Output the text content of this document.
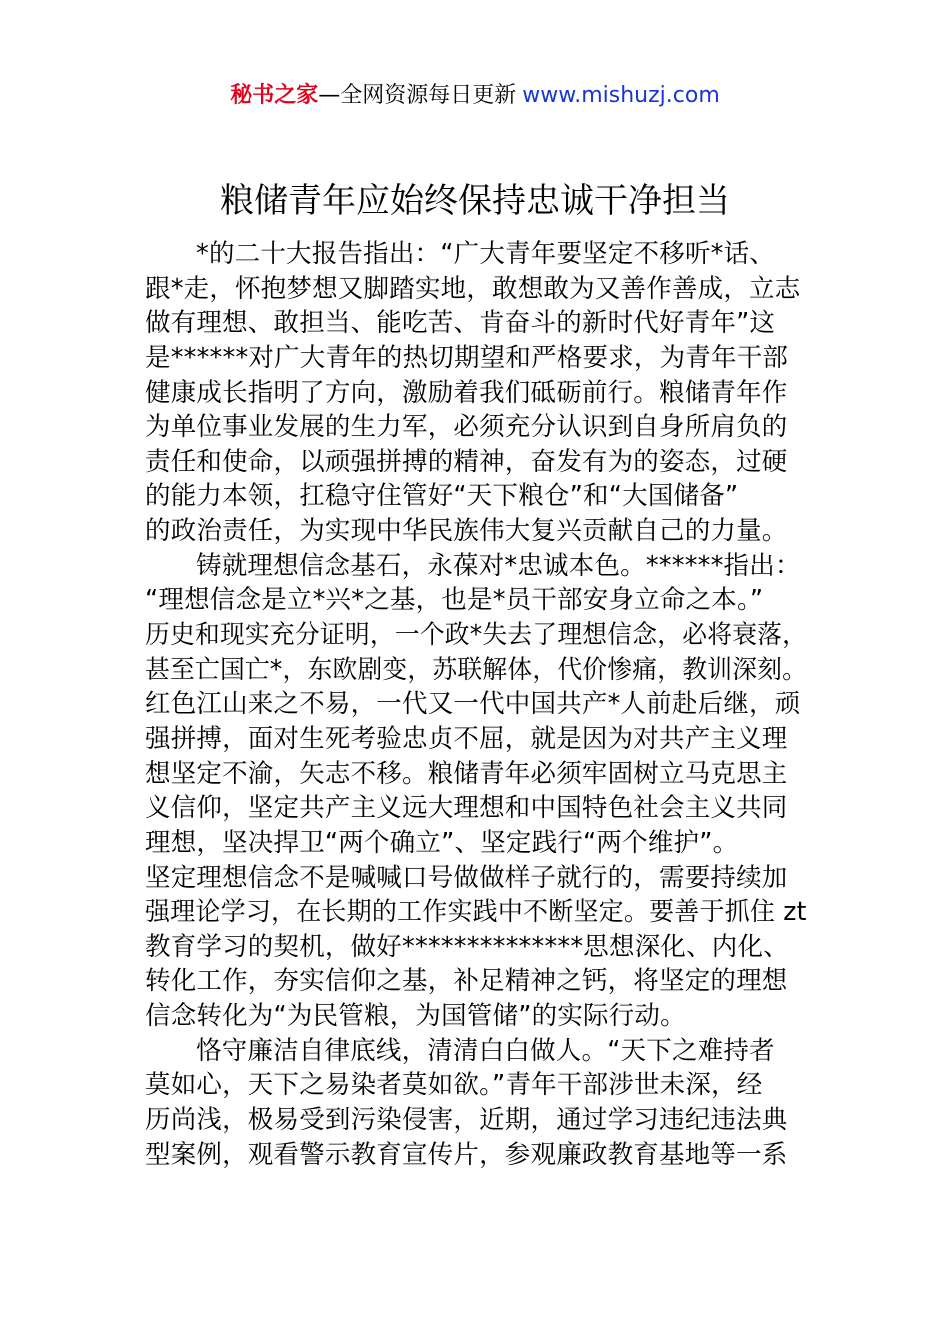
秘书之家—全网资源每日更新 www.mishuzj.com
粮储青年应始终保持忠诚干净担当
*的二十大报告指出：“广大青年要坚定不移听*话、
跟*走，怀抱梦想又脚踏实地，敢想敢为又善作善成，立志
做有理想、敢担当、能吃苦、肯奋斗的新时代好青年”这
是******对广大青年的热切期望和严格要求，为青年干部
健康成长指明了方向，激励着我们砥砺前行。粮储青年作
为单位事业发展的生力军，必须充分认识到自身所肩负的
责任和使命，以顽强拼搏的精神，奋发有为的姿态，过硬
的能力本领，扛稳守住管好“天下粮仓”和“大国储备”
的政治责任，为实现中华民族伟大复兴贡献自己的力量。
铸就理想信念基石，永葆对*忠诚本色。******指出：
“理想信念是立*兴*之基，也是*员干部安身立命之本。”
历史和现实充分证明，一个政*失去了理想信念，必将衰落，
甚至亡国亡*，东欧剧变，苏联解体，代价惨痛，教训深刻。
红色江山来之不易，一代又一代中国共产*人前赴后继，顽
强拼搏，面对生死考验忠贞不屈，就是因为对共产主义理
想坚定不渝，矢志不移。粮储青年必须牢固树立马克思主
义信仰，坚定共产主义远大理想和中国特色社会主义共同
理想，坚决捍卫“两个确立”、坚定践行“两个维护”。
坚定理想信念不是喊喊口号做做样子就行的，需要持续加
强理论学习，在长期的工作实践中不断坚定。要善于抓住 zt
教育学习的契机，做好**************思想深化、内化、
转化工作，夯实信仰之基，补足精神之钙，将坚定的理想
信念转化为“为民管粮，为国管储”的实际行动。
恪守廉洁自律底线，清清白白做人。“天下之难持者
莫如心，天下之易染者莫如欲。”青年干部涉世未深，经
历尚浅，极易受到污染侵害，近期，通过学习违纪违法典
型案例，观看警示教育宣传片，参观廉政教育基地等一系
